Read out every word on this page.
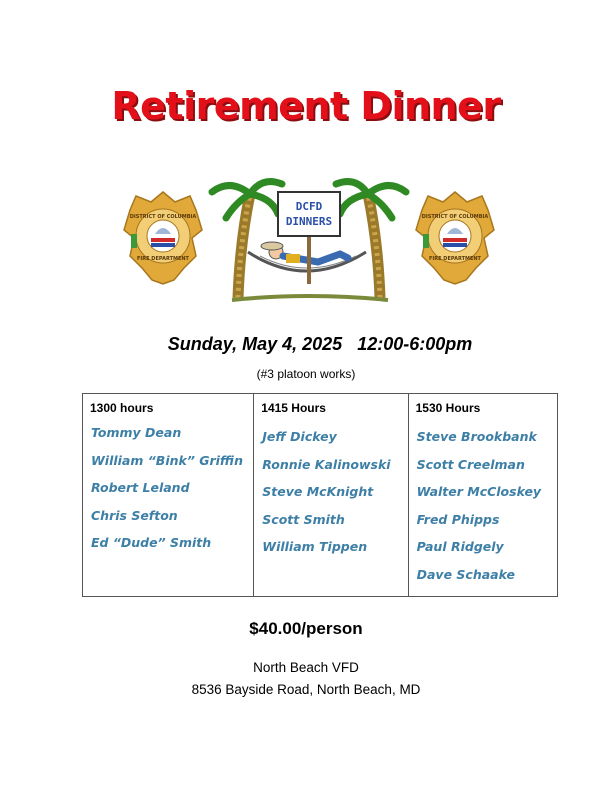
Retirement Dinner
DISTRICT OF COLUMBIA
FIRE DEPARTMENT
DISTRICT OF COLUMBIA
FIRE DEPARTMENT
DCFD
DINNERS
Sunday, May 4, 2025 12:00-6:00pm
(#3 platoon works)
1300 hours
Tommy Dean
William “Bink” Griffin
Robert Leland
Chris Sefton
Ed “Dude” Smith
1415 Hours
Jeff Dickey
Ronnie Kalinowski
Steve McKnight
Scott Smith
William Tippen
1530 Hours
Steve Brookbank
Scott Creelman
Walter McCloskey
Fred Phipps
Paul Ridgely
Dave Schaake
$40.00/person
North Beach VFD
8536 Bayside Road, North Beach, MD
